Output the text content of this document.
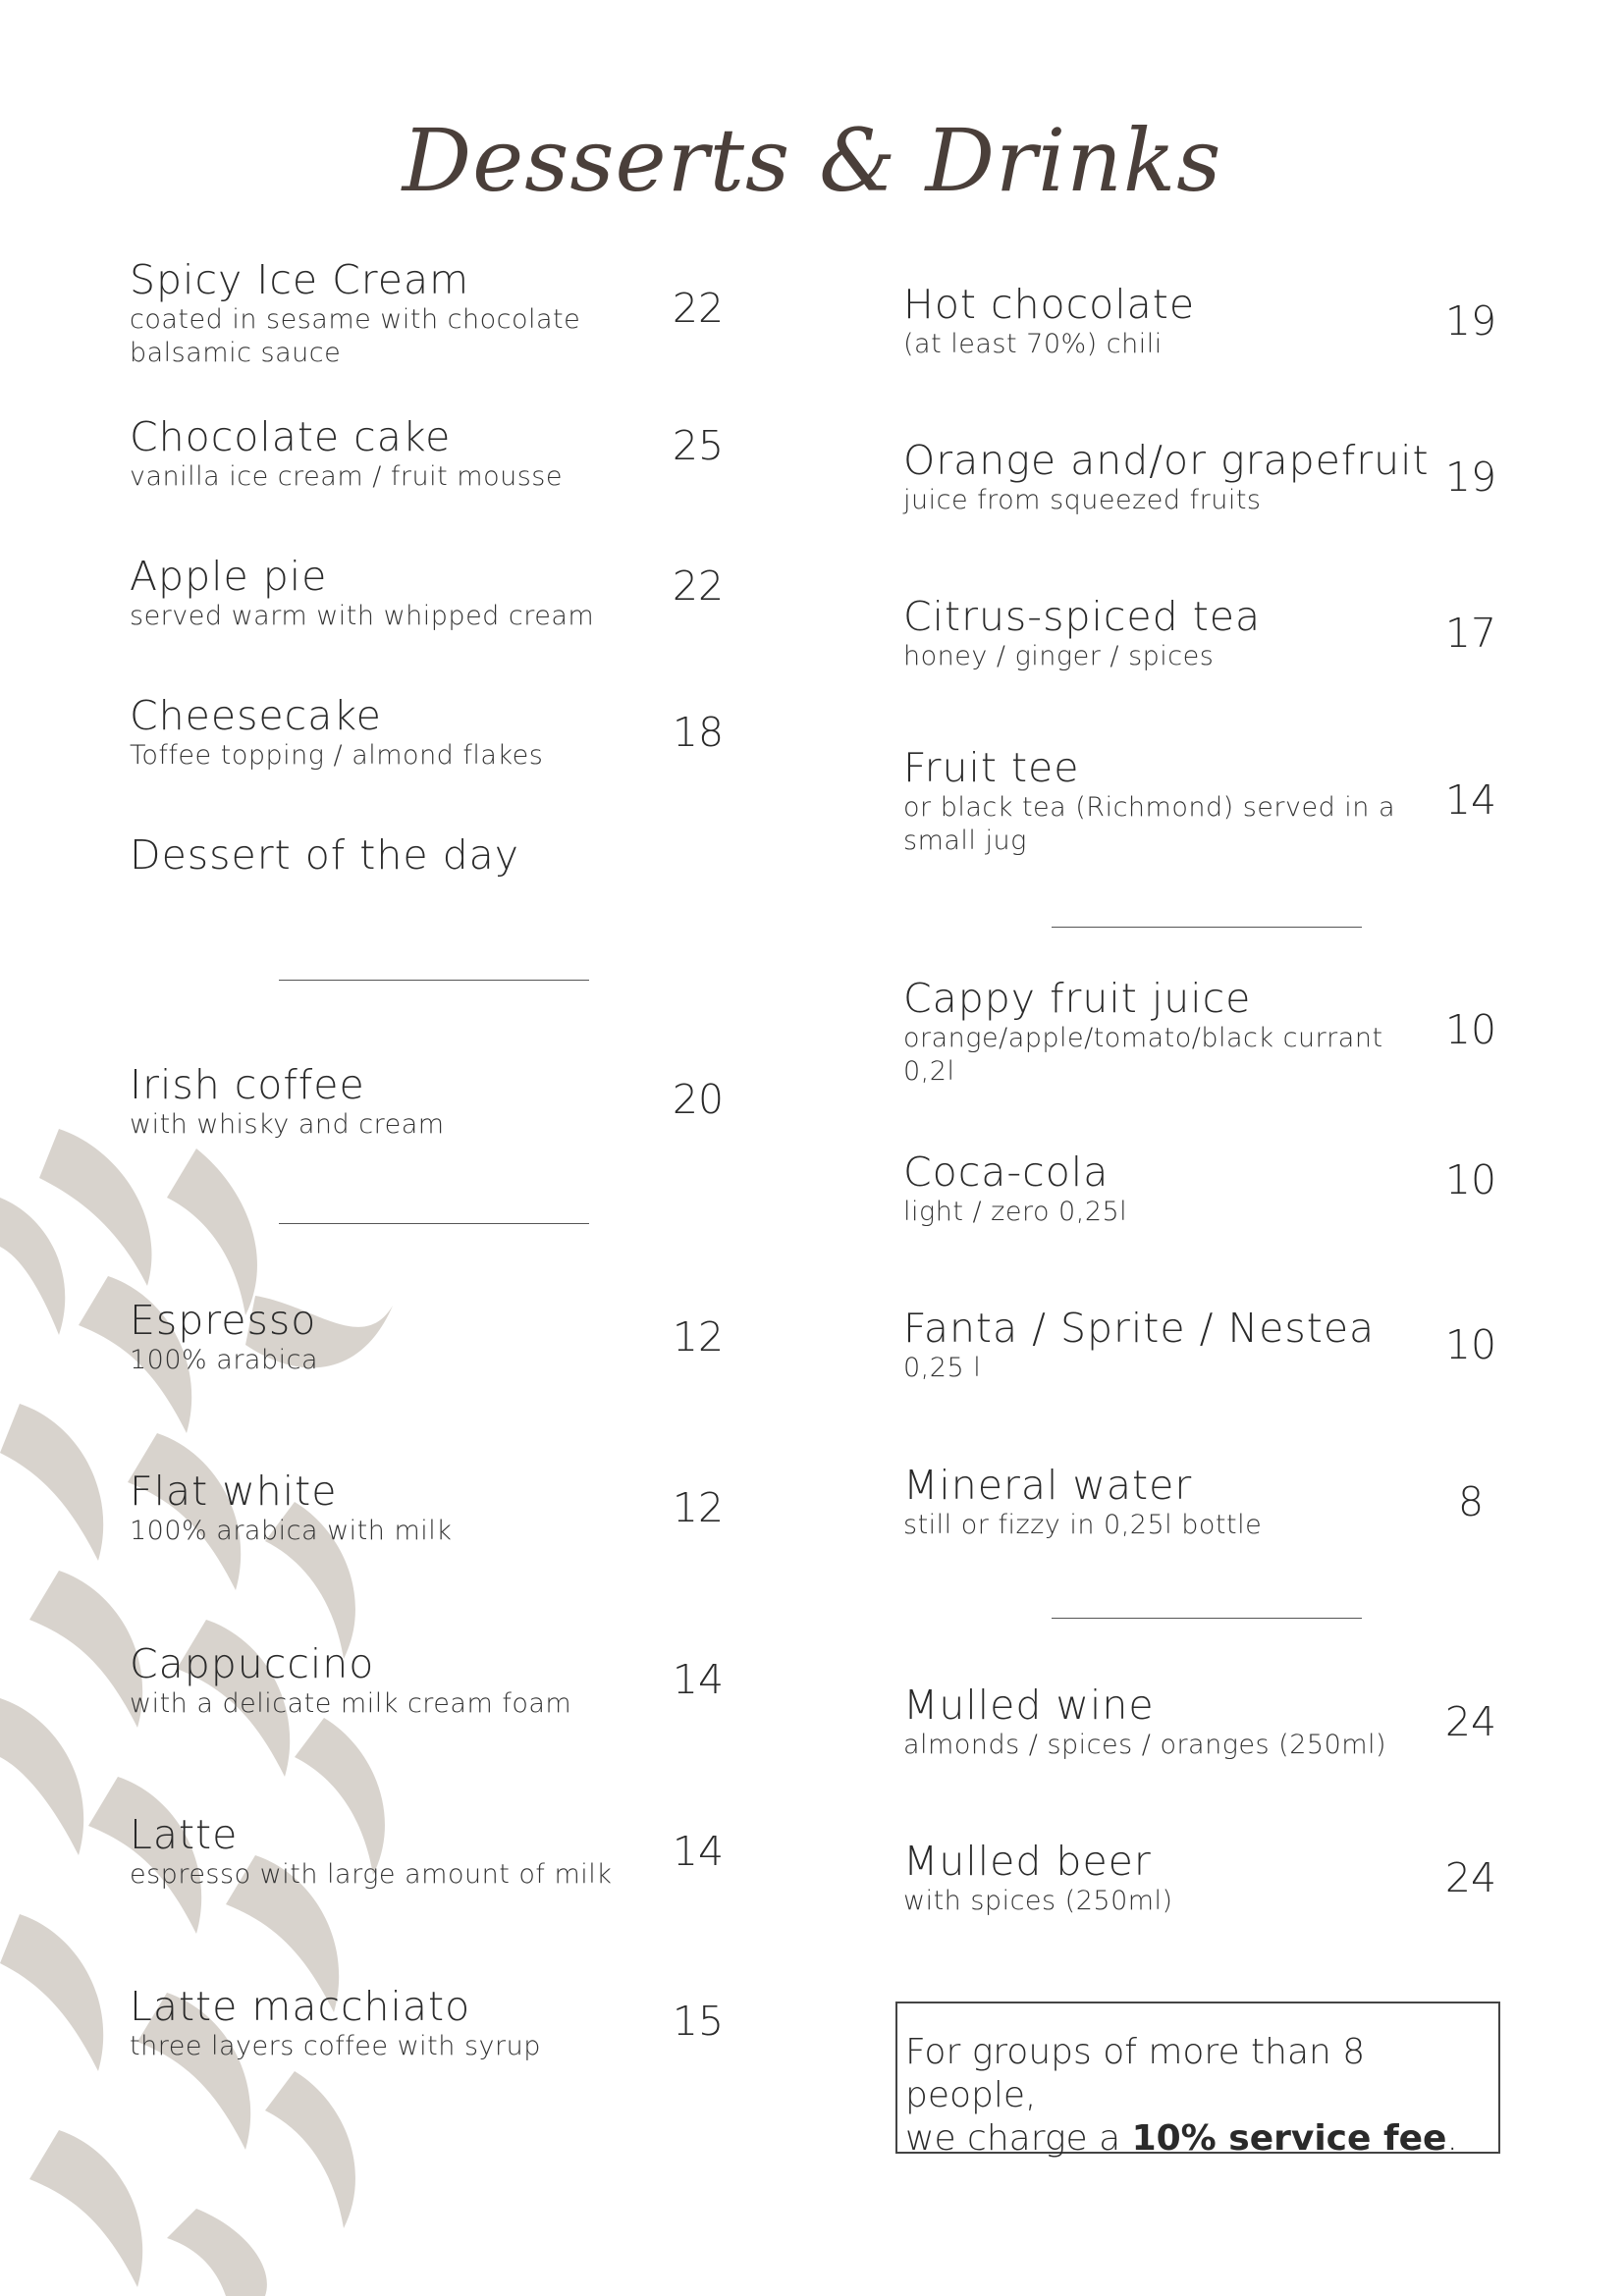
Desserts & Drinks
Spicy Ice Cream
coated in sesame with chocolate balsamic sauce
22
Chocolate cake
vanilla ice cream / fruit mousse
25
Apple pie
served warm with whipped cream
22
Cheesecake
Toffee topping / almond flakes	18
Dessert of the day
Irish coffee
with whisky and cream
20
Espresso
100% arabica	12
Flat white
100% arabica with milk	12
Cappuccino
with a delicate milk cream foam
14
Latte
espresso with large amount of milk	14
Latte macchiato
three layers coffee with syrup
15
Hot chocolate
(at least 70%) chili	19
Orange and/or grapefruit
juice from squeezed fruits	19
Citrus-spiced tea
honey / ginger / spices	17
Fruit tee
or black tea (Richmond) served in a small jug
14
Cappy fruit juice
orange/apple/tomato/black currant 0,2l
10
Coca-cola
light / zero 0,25l
10
Fanta / Sprite / Nestea
0,25 l	10
Mineral water
still or fizzy in 0,25l bottle	8
Mulled wine
almonds / spices / oranges (250ml)	24
Mulled beer
with spices (250ml)	24
For groups of more than 8 people,
we charge a 10% service fee.
